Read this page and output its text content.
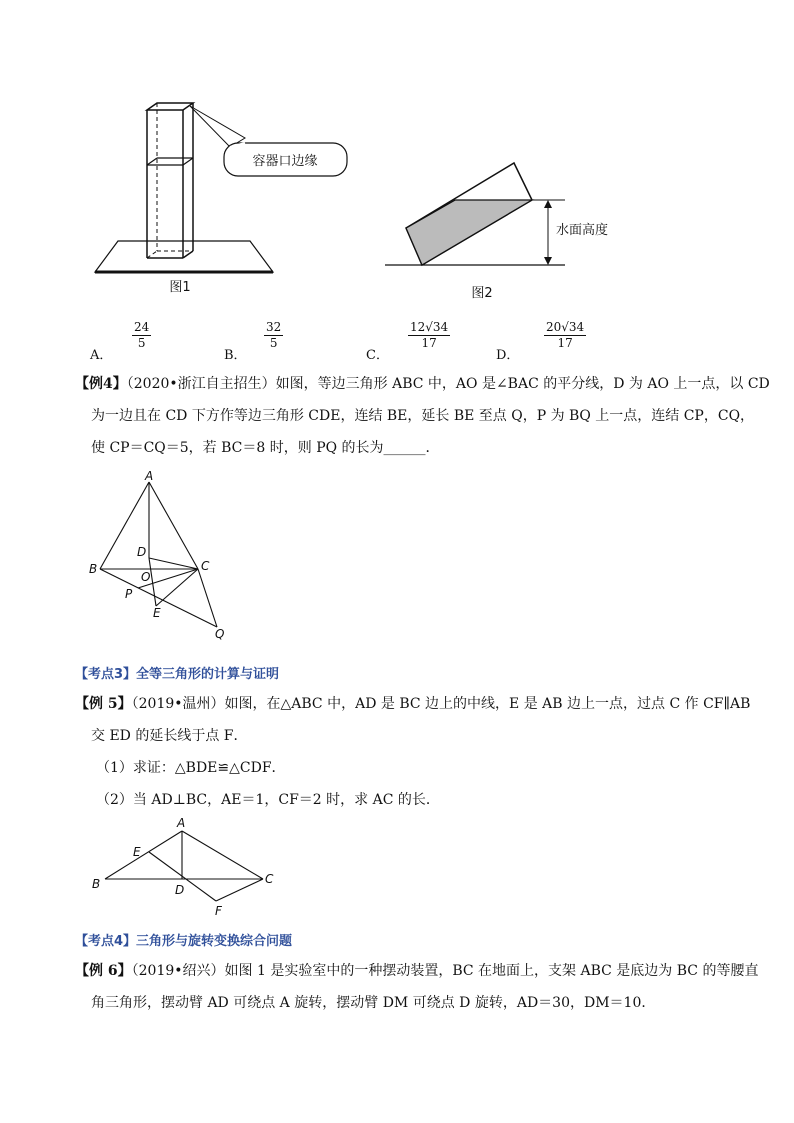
容器口边缘
图1
水面高度
图2
A．
$\frac{24}{5}$
B．
$\frac{32}{5}$
C．
$\frac{12√34}{17}$
D．
$\frac{20√34}{17}$
【例4】（2020•浙江自主招生）如图，等边三角形 ABC 中，AO 是∠BAC 的平分线，D 为 AO 上一点，以 CD
为一边且在 CD 下方作等边三角形 CDE，连结 BE，延长 BE 至点 Q，P 为 BQ 上一点，连结 CP，CQ，
使 CP＝CQ＝5，若 BC＝8 时，则 PQ 的长为______．
A
B	C
D
O
P
E
Q
【考点3】全等三角形的计算与证明
【例 5】（2019•温州）如图，在△ABC 中，AD 是 BC 边上的中线，E 是 AB 边上一点，过点 C 作 CF∥AB
交 ED 的延长线于点 F．
（1）求证：△BDE≌△CDF．
（2）当 AD⊥BC，AE＝1，CF＝2 时，求 AC 的长．
A
E
B	D
C
F
【考点4】三角形与旋转变换综合问题
【例 6】（2019•绍兴）如图 1 是实验室中的一种摆动装置，BC 在地面上，支架 ABC 是底边为 BC 的等腰直
角三角形，摆动臂 AD 可绕点 A 旋转，摆动臂 DM 可绕点 D 旋转，AD＝30，DM＝10．
